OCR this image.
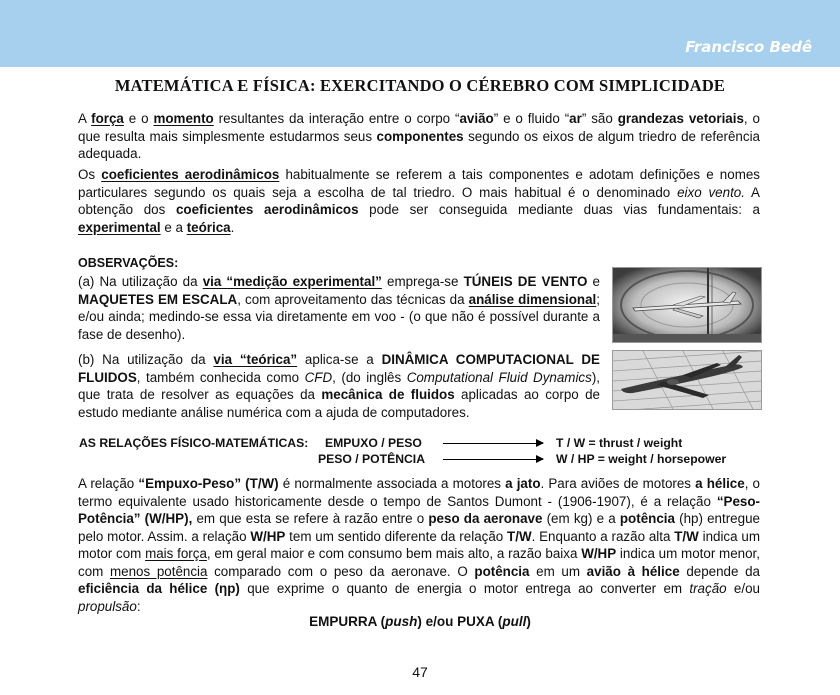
Francisco Bedê
MATEMÁTICA E FÍSICA: EXERCITANDO O CÉREBRO COM SIMPLICIDADE

A força e o momento resultantes da interação entre o corpo “avião” e o fluido “ar” são grandezas vetoriais, o que resulta mais simplesmente estudarmos seus componentes segundo os eixos de algum triedro de referência adequada.

Os coeficientes aerodinâmicos habitualmente se referem a tais componentes e adotam definições e nomes particulares segundo os quais seja a escolha de tal triedro. O mais habitual é o denominado eixo vento. A obtenção dos coeficientes aerodinâmicos pode ser conseguida mediante duas vias fundamentais: a experimental e a teórica.

OBSERVAÇÕES:

(a) Na utilização da via “medição experimental” emprega-se TÚNEIS DE VENTO e MAQUETES EM ESCALA, com aproveitamento das técnicas da análise dimensional; e/ou ainda; medindo-se essa via diretamente em voo - (o que não é possível durante a fase de desenho).

(b) Na utilização da via “teórica” aplica-se a DINÂMICA COMPUTACIONAL DE FLUIDOS, também conhecida como CFD, (do inglês Computational Fluid Dynamics), que trata de resolver as equações da mecânica de fluidos aplicadas ao corpo de estudo mediante análise numérica com a ajuda de computadores.

AS RELAÇÕES FÍSICO-MATEMÁTICAS: EMPUXO / PESO	T / W = thrust / weight
PESO / POTÊNCIA	W / HP = weight / horsepower

A relação “Empuxo-Peso” (T/W) é normalmente associada a motores a jato. Para aviões de motores a hélice, o termo equivalente usado historicamente desde o tempo de Santos Dumont - (1906-1907), é a relação “Peso-Potência” (W/HP), em que esta se refere à razão entre o peso da aeronave (em kg) e a potência (hp) entregue pelo motor. Assim. a relação W/HP tem um sentido diferente da relação T/W. Enquanto a razão alta T/W indica um motor com mais força, em geral maior e com consumo bem mais alto, a razão baixa W/HP indica um motor menor, com menos potência comparado com o peso da aeronave. O potência em um avião à hélice depende da eficiência da hélice (ηp) que exprime o quanto de energia o motor entrega ao converter em tração e/ou propulsão:

EMPURRA (push) e/ou PUXA (pull)
47
